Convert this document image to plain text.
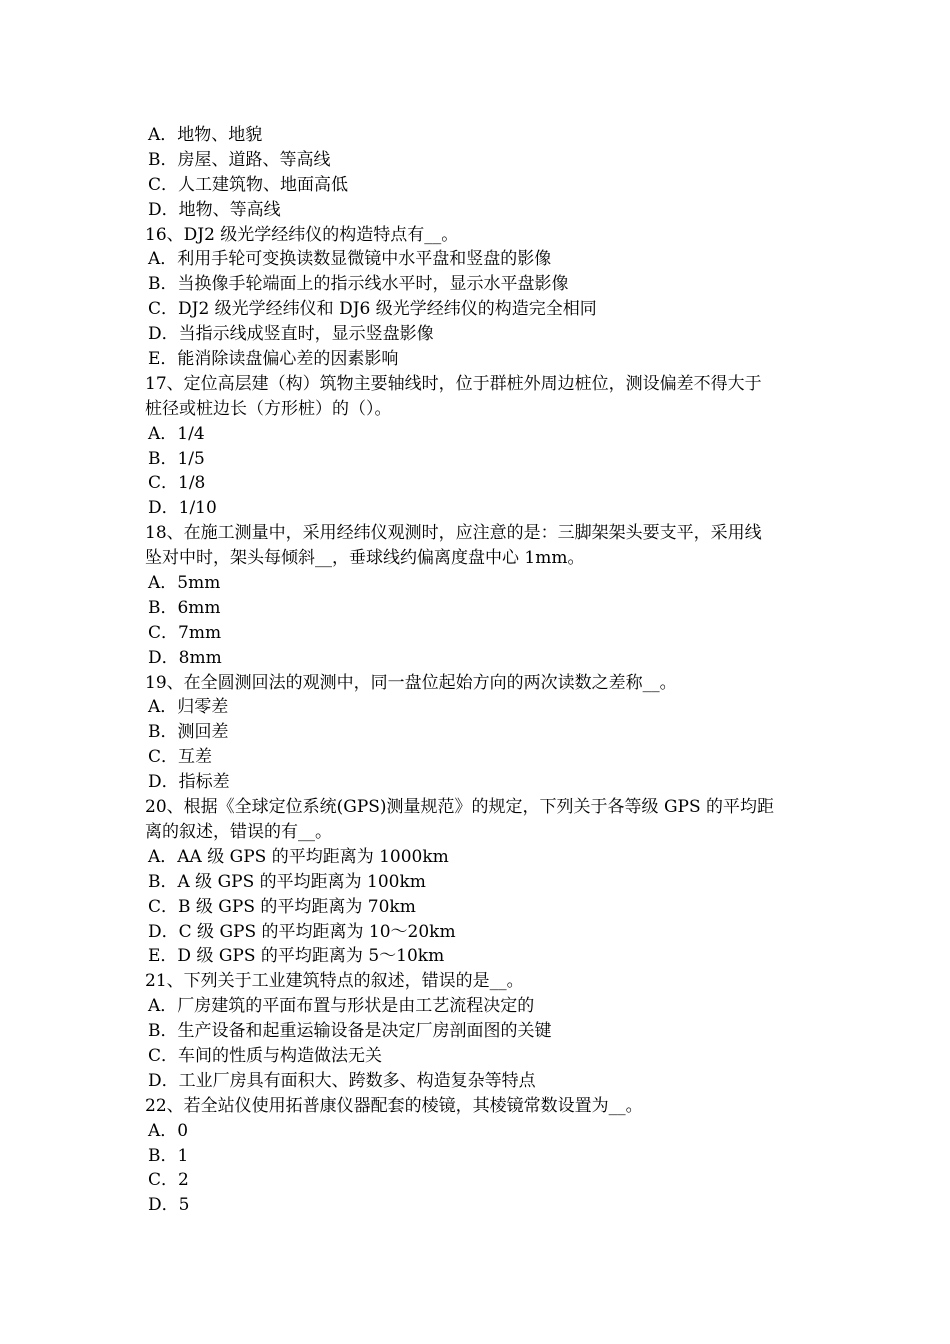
A．地物、地貌
B．房屋、道路、等高线
C．人工建筑物、地面高低
D．地物、等高线
16、DJ2 级光学经纬仪的构造特点有__。
A．利用手轮可变换读数显微镜中水平盘和竖盘的影像
B．当换像手轮端面上的指示线水平时，显示水平盘影像
C．DJ2 级光学经纬仪和 DJ6 级光学经纬仪的构造完全相同
D．当指示线成竖直时，显示竖盘影像
E．能消除读盘偏心差的因素影响
17、定位高层建（构）筑物主要轴线时，位于群桩外周边桩位，测设偏差不得大于
桩径或桩边长（方形桩）的（）。
A．1/4
B．1/5
C．1/8
D．1/10
18、在施工测量中，采用经纬仪观测时，应注意的是：三脚架架头要支平，采用线
坠对中时，架头每倾斜__，垂球线约偏离度盘中心 1mm。
A．5mm
B．6mm
C．7mm
D．8mm
19、在全圆测回法的观测中，同一盘位起始方向的两次读数之差称__。
A．归零差
B．测回差
C．互差
D．指标差
20、根据《全球定位系统(GPS)测量规范》的规定，下列关于各等级 GPS 的平均距
离的叙述，错误的有__。
A．AA 级 GPS 的平均距离为 1000km
B．A 级 GPS 的平均距离为 100km
C．B 级 GPS 的平均距离为 70km
D．C 级 GPS 的平均距离为 10～20km
E．D 级 GPS 的平均距离为 5～10km
21、下列关于工业建筑特点的叙述，错误的是__。
A．厂房建筑的平面布置与形状是由工艺流程决定的
B．生产设备和起重运输设备是决定厂房剖面图的关键
C．车间的性质与构造做法无关
D．工业厂房具有面积大、跨数多、构造复杂等特点
22、若全站仪使用拓普康仪器配套的棱镜，其棱镜常数设置为__。
A．0
B．1
C．2
D．5
